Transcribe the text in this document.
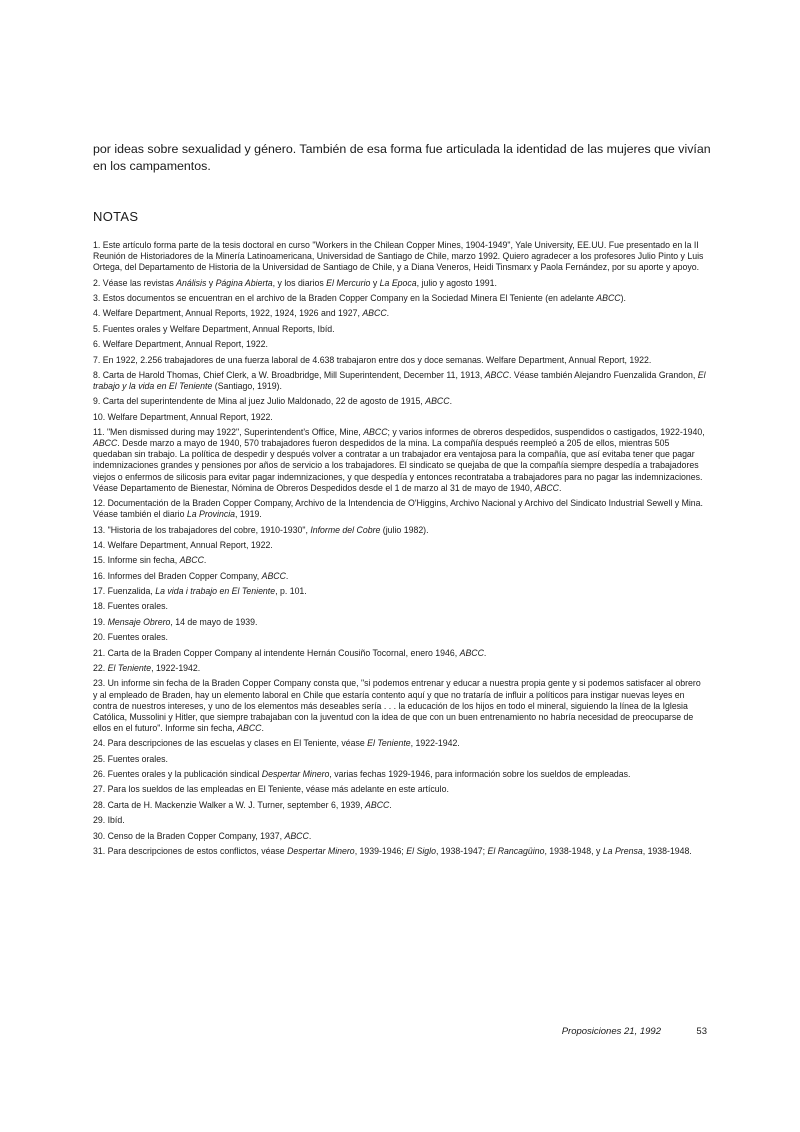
por ideas sobre sexualidad y género. También de esa forma fue articulada la identidad de las mujeres que vivían en los campamentos.

NOTAS
1. Este artículo forma parte de la tesis doctoral en curso "Workers in the Chilean Copper Mines, 1904-1949", Yale University, EE.UU. Fue presentado en la II Reunión de Historiadores de la Minería Latinoamericana, Universidad de Santiago de Chile, marzo 1992. Quiero agradecer a los profesores Julio Pinto y Luis Ortega, del Departamento de Historia de la Universidad de Santiago de Chile, y a Diana Veneros, Heidi Tinsmarx y Paola Fernández, por su aporte y apoyo.
2. Véase las revistas Análisis y Página Abierta, y los diarios El Mercurio y La Epoca, julio y agosto 1991.
3. Estos documentos se encuentran en el archivo de la Braden Copper Company en la Sociedad Minera El Teniente (en adelante ABCC).
4. Welfare Department, Annual Reports, 1922, 1924, 1926 and 1927, ABCC.
5. Fuentes orales y Welfare Department, Annual Reports, Ibíd.
6. Welfare Department, Annual Report, 1922.
7. En 1922, 2.256 trabajadores de una fuerza laboral de 4.638 trabajaron entre dos y doce semanas. Welfare Department, Annual Report, 1922.
8. Carta de Harold Thomas, Chief Clerk, a W. Broadbridge, Mill Superintendent, December 11, 1913, ABCC. Véase también Alejandro Fuenzalida Grandon, El trabajo y la vida en El Teniente (Santiago, 1919).
9. Carta del superintendente de Mina al juez Julio Maldonado, 22 de agosto de 1915, ABCC.
10. Welfare Department, Annual Report, 1922.
11. "Men dismissed during may 1922", Superintendent's Office, Mine, ABCC; y varios informes de obreros despedidos, suspendidos o castigados, 1922-1940, ABCC. Desde marzo a mayo de 1940, 570 trabajadores fueron despedidos de la mina. La compañía después reempleó a 205 de ellos, mientras 505 quedaban sin trabajo. La política de despedir y después volver a contratar a un trabajador era ventajosa para la compañía, que así evitaba tener que pagar indemnizaciones grandes y pensiones por años de servicio a los trabajadores. El sindicato se quejaba de que la compañía siempre despedía a trabajadores viejos o enfermos de silicosis para evitar pagar indemnizaciones, y que despedía y entonces recontrataba a trabajadores para no pagar las indemnizaciones. Véase Departamento de Bienestar, Nómina de Obreros Despedidos desde el 1 de marzo al 31 de mayo de 1940, ABCC.
12. Documentación de la Braden Copper Company, Archivo de la Intendencia de O'Higgins, Archivo Nacional y Archivo del Sindicato Industrial Sewell y Mina. Véase también el diario La Provincia, 1919.
13. "Historia de los trabajadores del cobre, 1910-1930", Informe del Cobre (julio 1982).
14. Welfare Department, Annual Report, 1922.
15. Informe sin fecha, ABCC.
16. Informes del Braden Copper Company, ABCC.
17. Fuenzalida, La vida i trabajo en El Teniente, p. 101.
18. Fuentes orales.
19. Mensaje Obrero, 14 de mayo de 1939.
20. Fuentes orales.
21. Carta de la Braden Copper Company al intendente Hernán Cousiño Tocornal, enero 1946, ABCC.
22. El Teniente, 1922-1942.
23. Un informe sin fecha de la Braden Copper Company consta que, "si podemos entrenar y educar a nuestra propia gente y si podemos satisfacer al obrero y al empleado de Braden, hay un elemento laboral en Chile que estaría contento aquí y que no trataría de influir a políticos para instigar nuevas leyes en contra de nuestros intereses, y uno de los elementos más deseables sería . . . la educación de los hijos en todo el mineral, siguiendo la línea de la Iglesia Católica, Mussolini y Hitler, que siempre trabajaban con la juventud con la idea de que con un buen entrenamiento no habría necesidad de preocuparse de ellos en el futuro". Informe sin fecha, ABCC.
24. Para descripciones de las escuelas y clases en El Teniente, véase El Teniente, 1922-1942.
25. Fuentes orales.
26. Fuentes orales y la publicación sindical Despertar Minero, varias fechas 1929-1946, para información sobre los sueldos de empleadas.
27. Para los sueldos de las empleadas en El Teniente, véase más adelante en este artículo.
28. Carta de H. Mackenzie Walker a W. J. Turner, september 6, 1939, ABCC.
29. Ibíd.
30. Censo de la Braden Copper Company, 1937, ABCC.
31. Para descripciones de estos conflictos, véase Despertar Minero, 1939-1946; El Siglo, 1938-1947; El Rancagüino, 1938-1948, y La Prensa, 1938-1948.
Proposiciones 21, 1992	53
